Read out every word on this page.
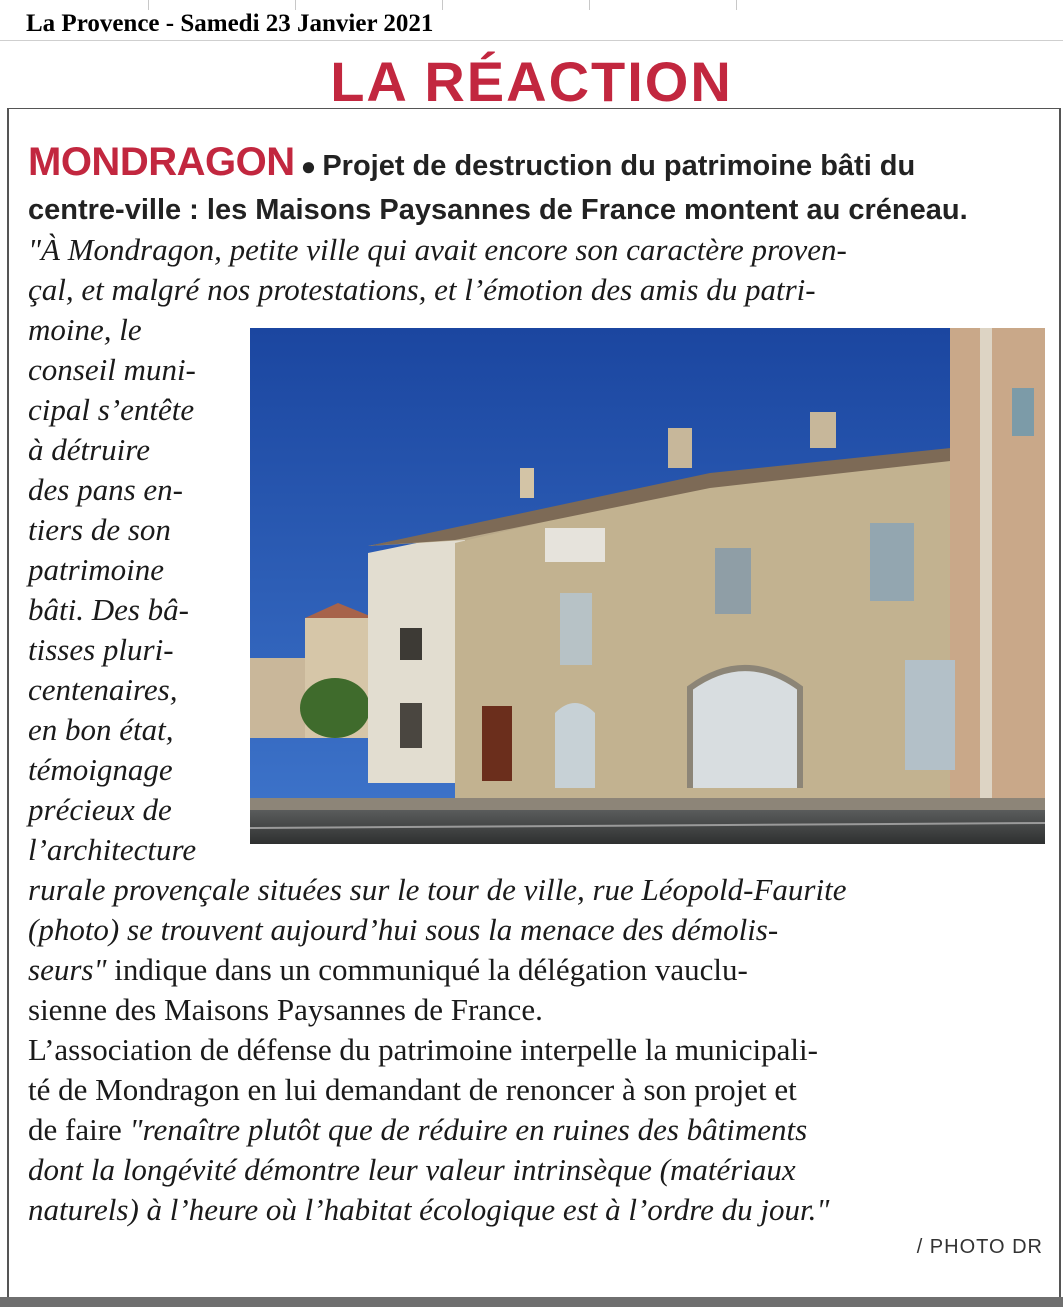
La Provence - Samedi 23 Janvier 2021
LA RÉACTION
MONDRAGON ● Projet de destruction du patrimoine bâti du
centre-ville : les Maisons Paysannes de France montent au créneau.
"À Mondragon, petite ville qui avait encore son caractère proven-
çal, et malgré nos protestations, et l’émotion des amis du patri-
moine, le
conseil muni-
cipal s’entête
à détruire
des pans en-
tiers de son
patrimoine
bâti. Des bâ-
tisses pluri-
centenaires,
en bon état,
témoignage
précieux de
l’architecture
rurale provençale situées sur le tour de ville, rue Léopold-Faurite
(photo) se trouvent aujourd’hui sous la menace des démolis-
seurs" indique dans un communiqué la délégation vauclu-
sienne des Maisons Paysannes de France.
L’association de défense du patrimoine interpelle la municipali-
té de Mondragon en lui demandant de renoncer à son projet et
de faire "renaître plutôt que de réduire en ruines des bâtiments
dont la longévité démontre leur valeur intrinsèque (matériaux
naturels) à l’heure où l’habitat écologique est à l’ordre du jour."
/ PHOTO DR
